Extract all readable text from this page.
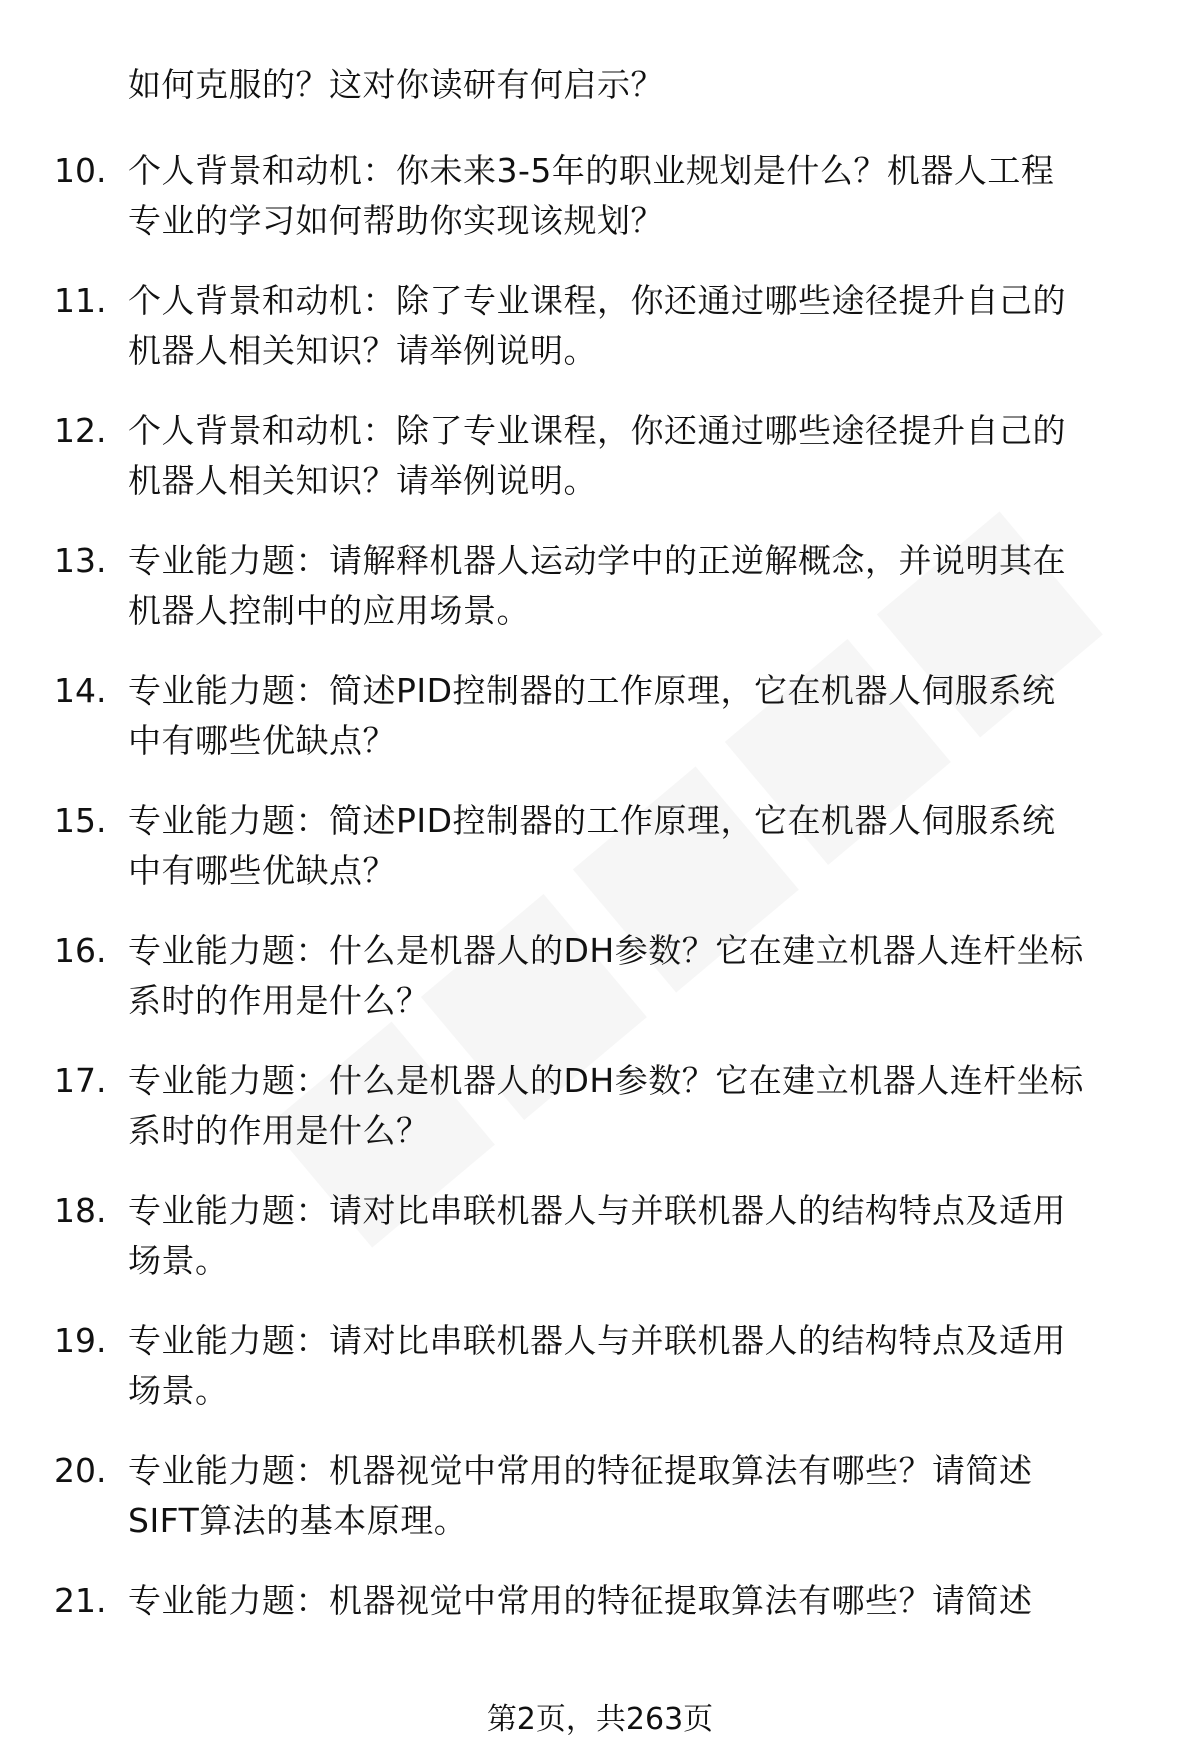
如何克服的？这对你读研有何启示？
10. 个人背景和动机：你未来3-5年的职业规划是什么？机器人工程
专业的学习如何帮助你实现该规划？
11. 个人背景和动机：除了专业课程，你还通过哪些途径提升自己的
机器人相关知识？请举例说明。
12. 个人背景和动机：除了专业课程，你还通过哪些途径提升自己的
机器人相关知识？请举例说明。
13. 专业能力题：请解释机器人运动学中的正逆解概念，并说明其在
机器人控制中的应用场景。
14. 专业能力题：简述PID控制器的工作原理，它在机器人伺服系统
中有哪些优缺点？
15. 专业能力题：简述PID控制器的工作原理，它在机器人伺服系统
中有哪些优缺点？
16. 专业能力题：什么是机器人的DH参数？它在建立机器人连杆坐标
系时的作用是什么？
17. 专业能力题：什么是机器人的DH参数？它在建立机器人连杆坐标
系时的作用是什么？
18. 专业能力题：请对比串联机器人与并联机器人的结构特点及适用
场景。
19. 专业能力题：请对比串联机器人与并联机器人的结构特点及适用
场景。
20. 专业能力题：机器视觉中常用的特征提取算法有哪些？请简述
SIFT算法的基本原理。
21. 专业能力题：机器视觉中常用的特征提取算法有哪些？请简述
第2页，共263页
